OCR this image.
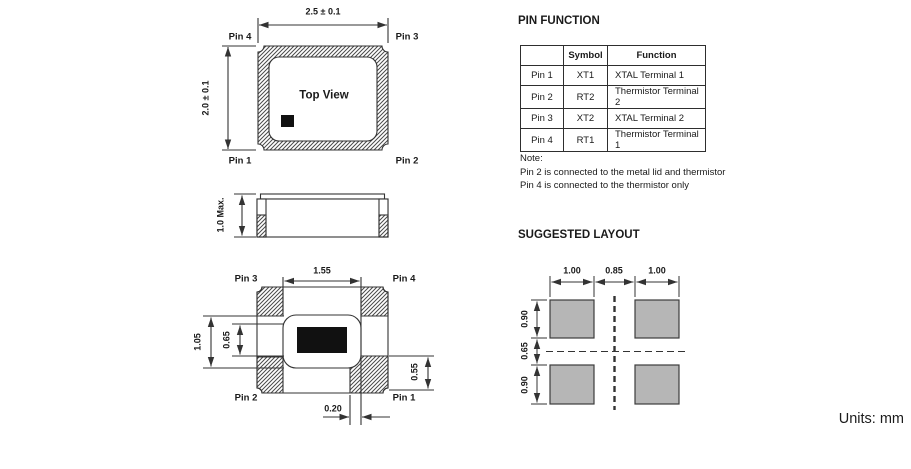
2.5 ± 0.1
2.0 ± 0.1
Pin 4	Pin 3
Pin 1	Pin 2
Top View
1.0 Max.
Pin 3	Pin 4
Pin 2	Pin 1
1.55
1.05 0.65
0.55
0.20
PIN FUNCTION
	Symbol	Function
Pin 1	XT1	XTAL Terminal 1
Pin 2	RT2	Thermistor Terminal 2
Pin 3	XT2	XTAL Terminal 2
Pin 4	RT1	Thermistor Terminal 1
Note:
Pin 2 is connected to the metal lid and thermistor
Pin 4 is connected to the thermistor only
SUGGESTED LAYOUT
1.00	0.85	1.00
0.90
0.65
0.90
Units: mm
